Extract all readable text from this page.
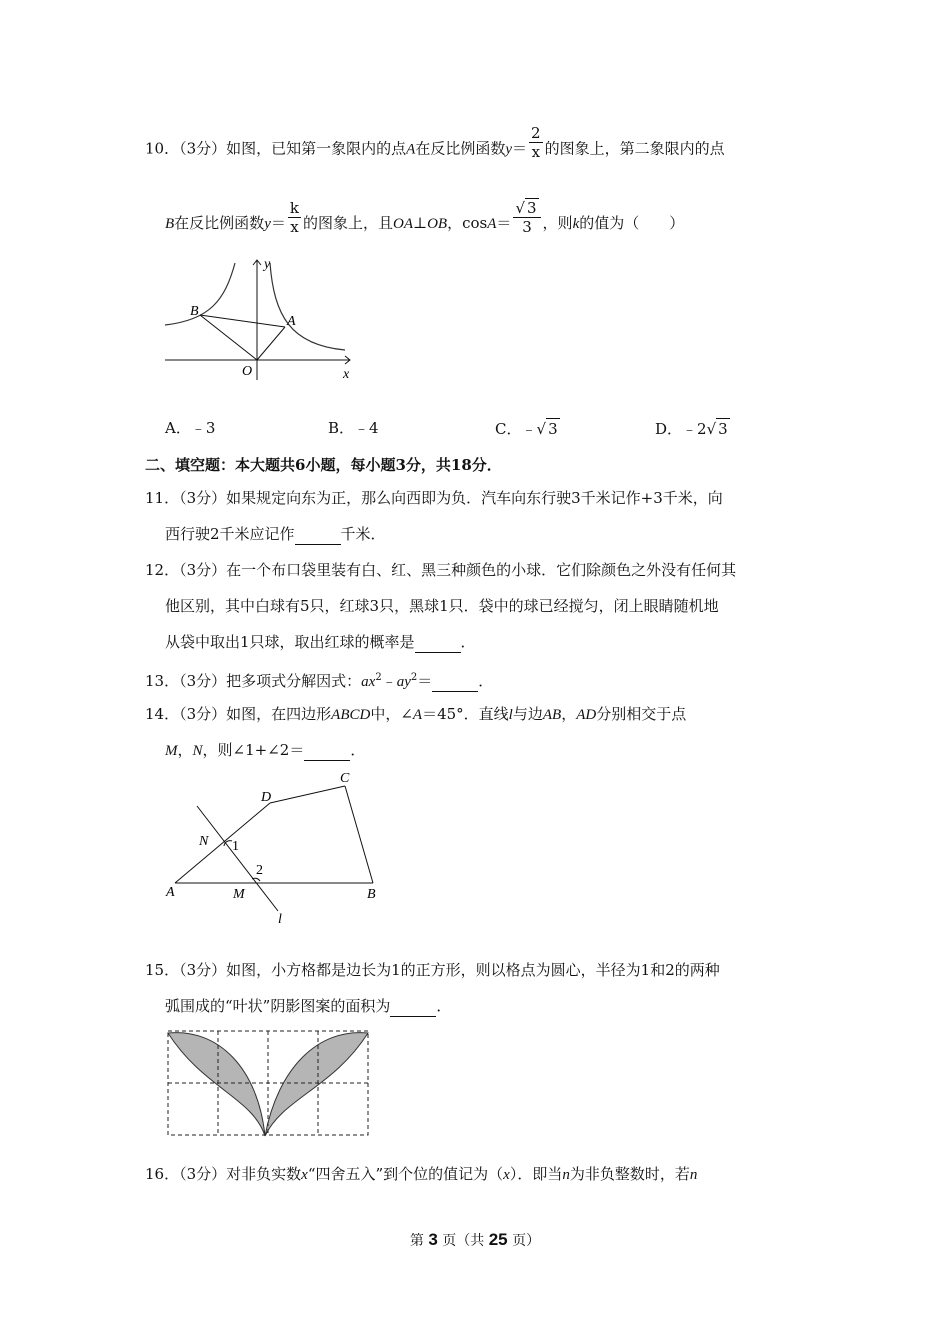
10．（3分）如图，已知第一象限内的点A在反比例函数$y= \frac{2}{x}$ 的图象上，第二象限内的点
B在反比例函数$y= \frac{k}{x}$ 的图象上，且OA⊥OB，$\cos A= \frac{√ 3}{3}$ ，则k的值为（　　）
B
A
O	x
y
A．﹣3	B．﹣4	C．﹣√ 3	D．﹣2√ 3
二、填空题：本大题共6小题，每小题3分，共18分．
11．（3分）如果规定向东为正，那么向西即为负．汽车向东行驶3千米记作+3千米，向
西行驶2千米应记作	千米．
12．（3分）在一个布口袋里装有白、红、黑三种颜色的小球．它们除颜色之外没有任何其
他区别，其中白球有5只，红球3只，黑球1只．袋中的球已经搅匀，闭上眼睛随机地
从袋中取出1只球，取出红球的概率是	．
13．（3分）把多项式分解因式：$ax^2﹣ay^2=$	．
14．（3分）如图，在四边形ABCD中，∠A＝45°．直线l与边AB，AD分别相交于点
M，N，则∠1+∠2＝	．
A	B
C
D
M
N 1
2
l
15．（3分）如图，小方格都是边长为1的正方形，则以格点为圆心，半径为1和2的两种
弧围成的“叶状”阴影图案的面积为	．
16．（3分）对非负实数x“四舍五入”到个位的值记为（x）．即当n为非负整数时，若n
第 3 页（共 25 页）
